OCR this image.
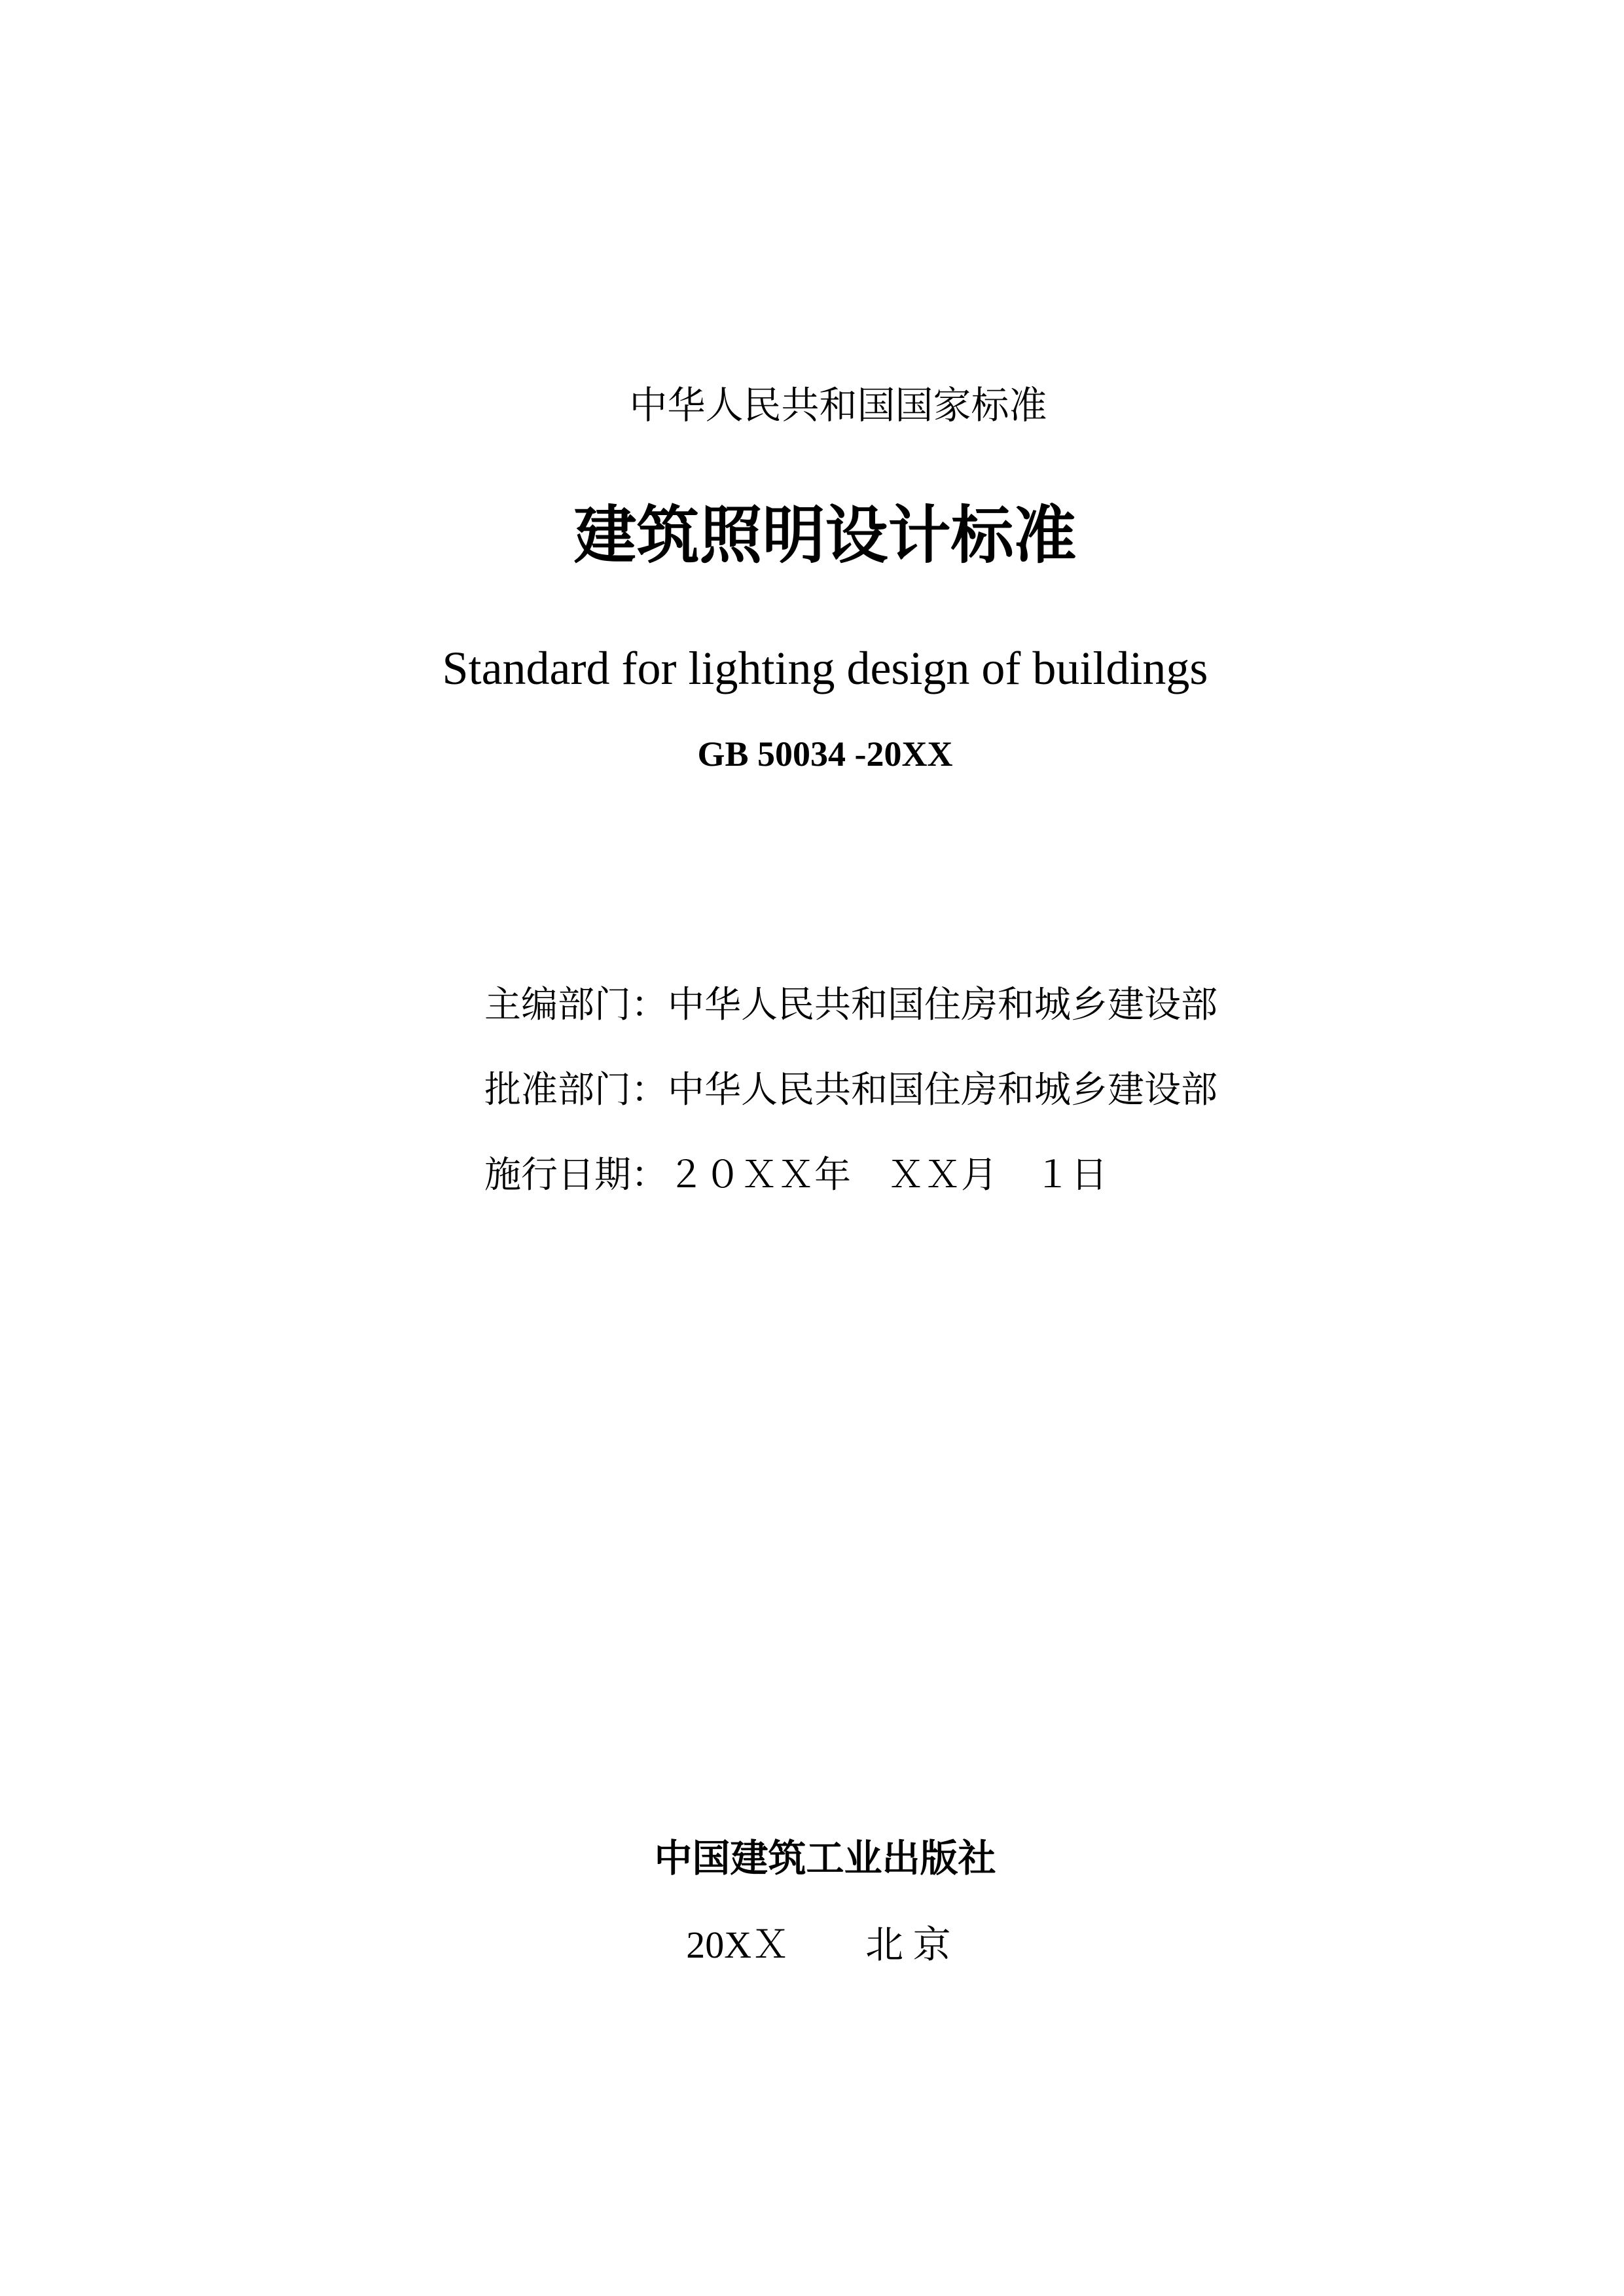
中华人民共和国国家标准
建筑照明设计标准
Standard for lighting design of buildings
GB 50034 -20XX
主编部门：中华人民共和国住房和城乡建设部
批准部门：中华人民共和国住房和城乡建设部
施行日期：２０ＸＸ年　ＸＸ月　１日
中国建筑工业出版社
20XＸ　　北 京
